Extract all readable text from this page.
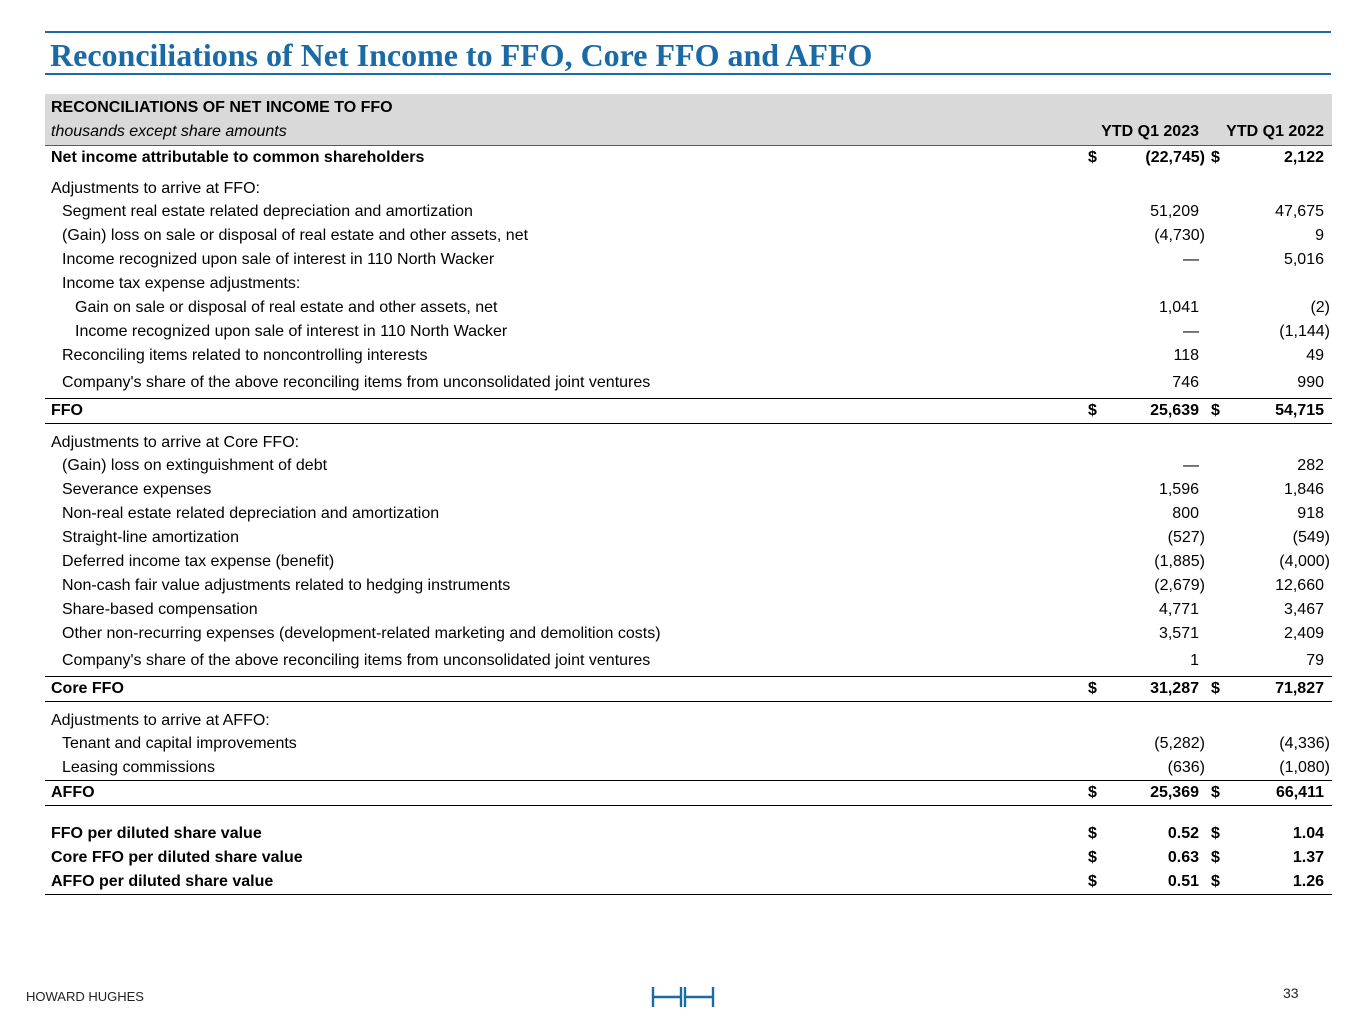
Reconciliations of Net Income to FFO, Core FFO and AFFO
RECONCILIATIONS OF NET INCOME TO FFO
thousands except share amounts	YTD Q1 2023 YTD Q1 2022
Net income attributable to common shareholders	$	(22,745) $	2,122
Adjustments to arrive at FFO:
Segment real estate related depreciation and amortization	51,209	47,675
(Gain) loss on sale or disposal of real estate and other assets, net	(4,730)	9
Income recognized upon sale of interest in 110 North Wacker	—	5,016
Income tax expense adjustments:
Gain on sale or disposal of real estate and other assets, net	1,041	(2)
Income recognized upon sale of interest in 110 North Wacker	—	(1,144)
Reconciling items related to noncontrolling interests	118	49
Company's share of the above reconciling items from unconsolidated joint ventures	746	990
FFO	$	25,639 $	54,715
Adjustments to arrive at Core FFO:
(Gain) loss on extinguishment of debt	—	282
Severance expenses	1,596	1,846
Non-real estate related depreciation and amortization	800	918
Straight-line amortization	(527)	(549)
Deferred income tax expense (benefit)	(1,885)	(4,000)
Non-cash fair value adjustments related to hedging instruments	(2,679)	12,660
Share-based compensation	4,771	3,467
Other non-recurring expenses (development-related marketing and demolition costs)	3,571	2,409
Company's share of the above reconciling items from unconsolidated joint ventures	1	79
Core FFO	$	31,287 $	71,827
Adjustments to arrive at AFFO:
Tenant and capital improvements	(5,282)	(4,336)
Leasing commissions	(636)	(1,080)
AFFO	$	25,369 $	66,411
FFO per diluted share value	$	0.52 $	1.04
Core FFO per diluted share value	$	0.63 $	1.37
AFFO per diluted share value	$	0.51 $	1.26
HOWARD HUGHES	33
